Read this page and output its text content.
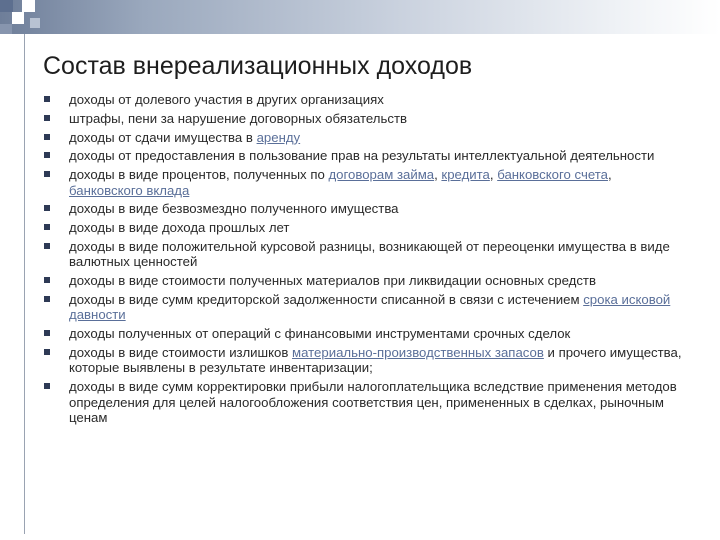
Состав внереализационных доходов
доходы от долевого участия в других организациях
штрафы, пени за нарушение договорных обязательств
доходы от сдачи имущества в аренду
доходы от предоставления в пользование прав на результаты интеллектуальной деятельности
доходы в виде процентов, полученных по договорам займа, кредита, банковского счета, банковского вклада
доходы в виде безвозмездно полученного имущества
доходы в виде дохода прошлых лет
доходы в виде положительной курсовой разницы, возникающей от переоценки имущества в виде валютных ценностей
доходы в виде стоимости полученных материалов при ликвидации основных средств
доходы в виде сумм кредиторской задолженности списанной в связи с истечением срока исковой давности
доходы полученных от операций с финансовыми инструментами срочных сделок
доходы в виде стоимости излишков материально-производственных запасов и прочего имущества, которые выявлены в результате инвентаризации;
доходы в виде сумм корректировки прибыли налогоплательщика вследствие применения методов определения для целей налогообложения соответствия цен, примененных в сделках, рыночным ценам
